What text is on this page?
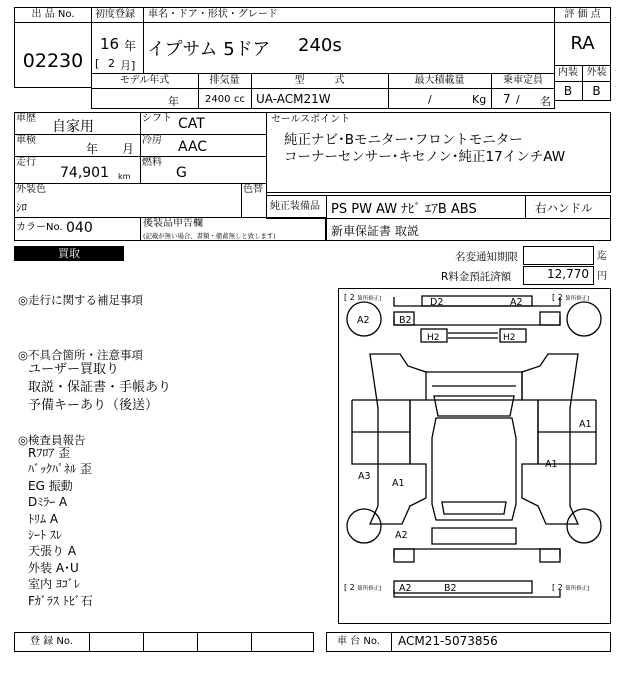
出 品 No.
02230
初度登録 車名・ドア・形状・グレード
16 年
[ 2 月]
イプサム 5ドア 240s
評 価 点
RA
内装 外装
B	B
モデル年式	排気量	型　　　式	最大積載量	乗車定員
年	2400 cc UA-ACM21W	/	Kg 7 / 名
車歴
自家用
シフト CAT
車検
年 月
冷房 AAC
走行
74,901 km
燃料
G
外装色
ｼﾛ
色替
カラーNo. 040	後装品申告欄
(記載が無い場合、書類・備蓄無しと致します)
セールスポイント
純正ナビ･Bモニター･フロントモニター
コーナーセンサー･キセノン･純正17インチAW
純正装備品 PS PW AW ﾅﾋﾞ ｴｱB ABS	右ハンドル
新車保証書 取説
買取	名変通知期限	迄
R料金預託済額	12,770 円
◎走行に関する補足事項
◎不具合箇所・注意事項
ユーザー買取り
取説・保証書・手帳あり
予備キーあり（後送）
◎検査員報告
Rﾌﾛｱ 歪
ﾊﾞｯｸﾊﾟﾈﾙ 歪
EG 振動
Dﾐﾗｰ A
ﾄﾘﾑ A
ｼｰﾄ ｽﾚ
天張り A
外装 A･U
室内 ﾖｺﾞﾚ
Fｶﾞﾗｽ ﾄﾋﾞ石
[ 2 箇所修正]	[ 2 箇所修正]
[ 2 箇所修正]	[ 2 箇所修正]
D2	A2
A2	B2
H2	H2
A1
A1
A3
A1
A2
A2	B2
登 録 No.	車 台 No.	ACM21-5073856
